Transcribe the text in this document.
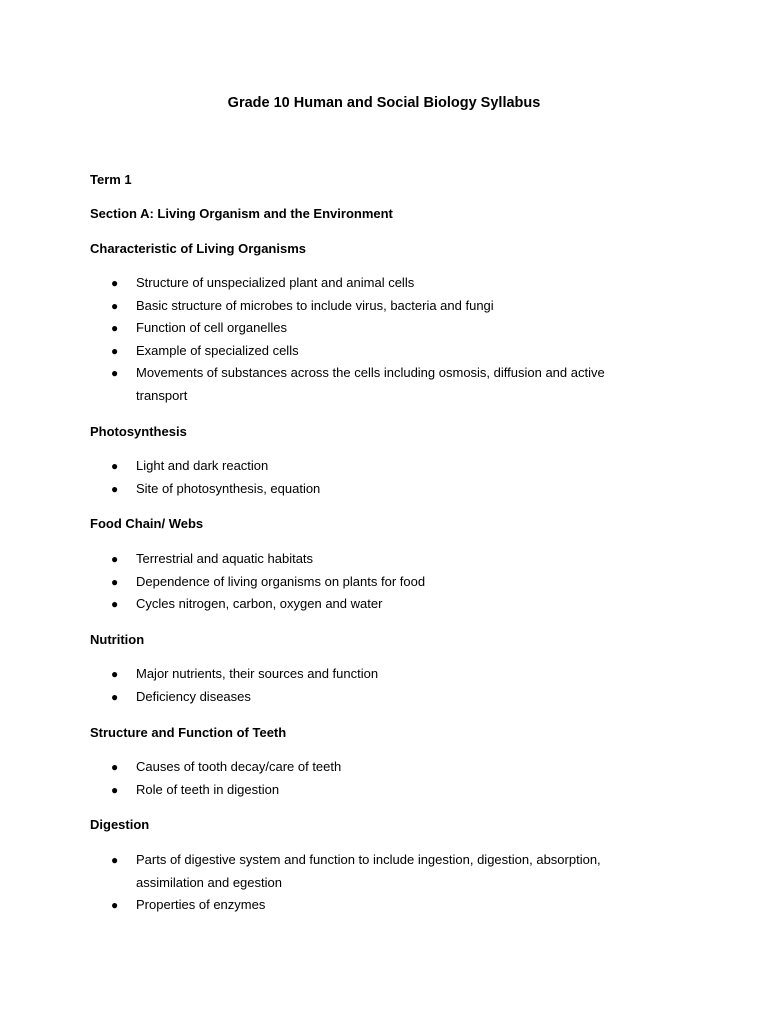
Grade 10 Human and Social Biology Syllabus

Term 1

Section A: Living Organism and the Environment

Characteristic of Living Organisms

● Structure of unspecialized plant and animal cells
● Basic structure of microbes to include virus, bacteria and fungi
● Function of cell organelles
● Example of specialized cells
● Movements of substances across the cells including osmosis, diffusion and active transport

Photosynthesis

● Light and dark reaction
● Site of photosynthesis, equation

Food Chain/ Webs

● Terrestrial and aquatic habitats
● Dependence of living organisms on plants for food
● Cycles nitrogen, carbon, oxygen and water

Nutrition

● Major nutrients, their sources and function
● Deficiency diseases

Structure and Function of Teeth

● Causes of tooth decay/care of teeth
● Role of teeth in digestion

Digestion

● Parts of digestive system and function to include ingestion, digestion, absorption, assimilation and egestion
● Properties of enzymes
